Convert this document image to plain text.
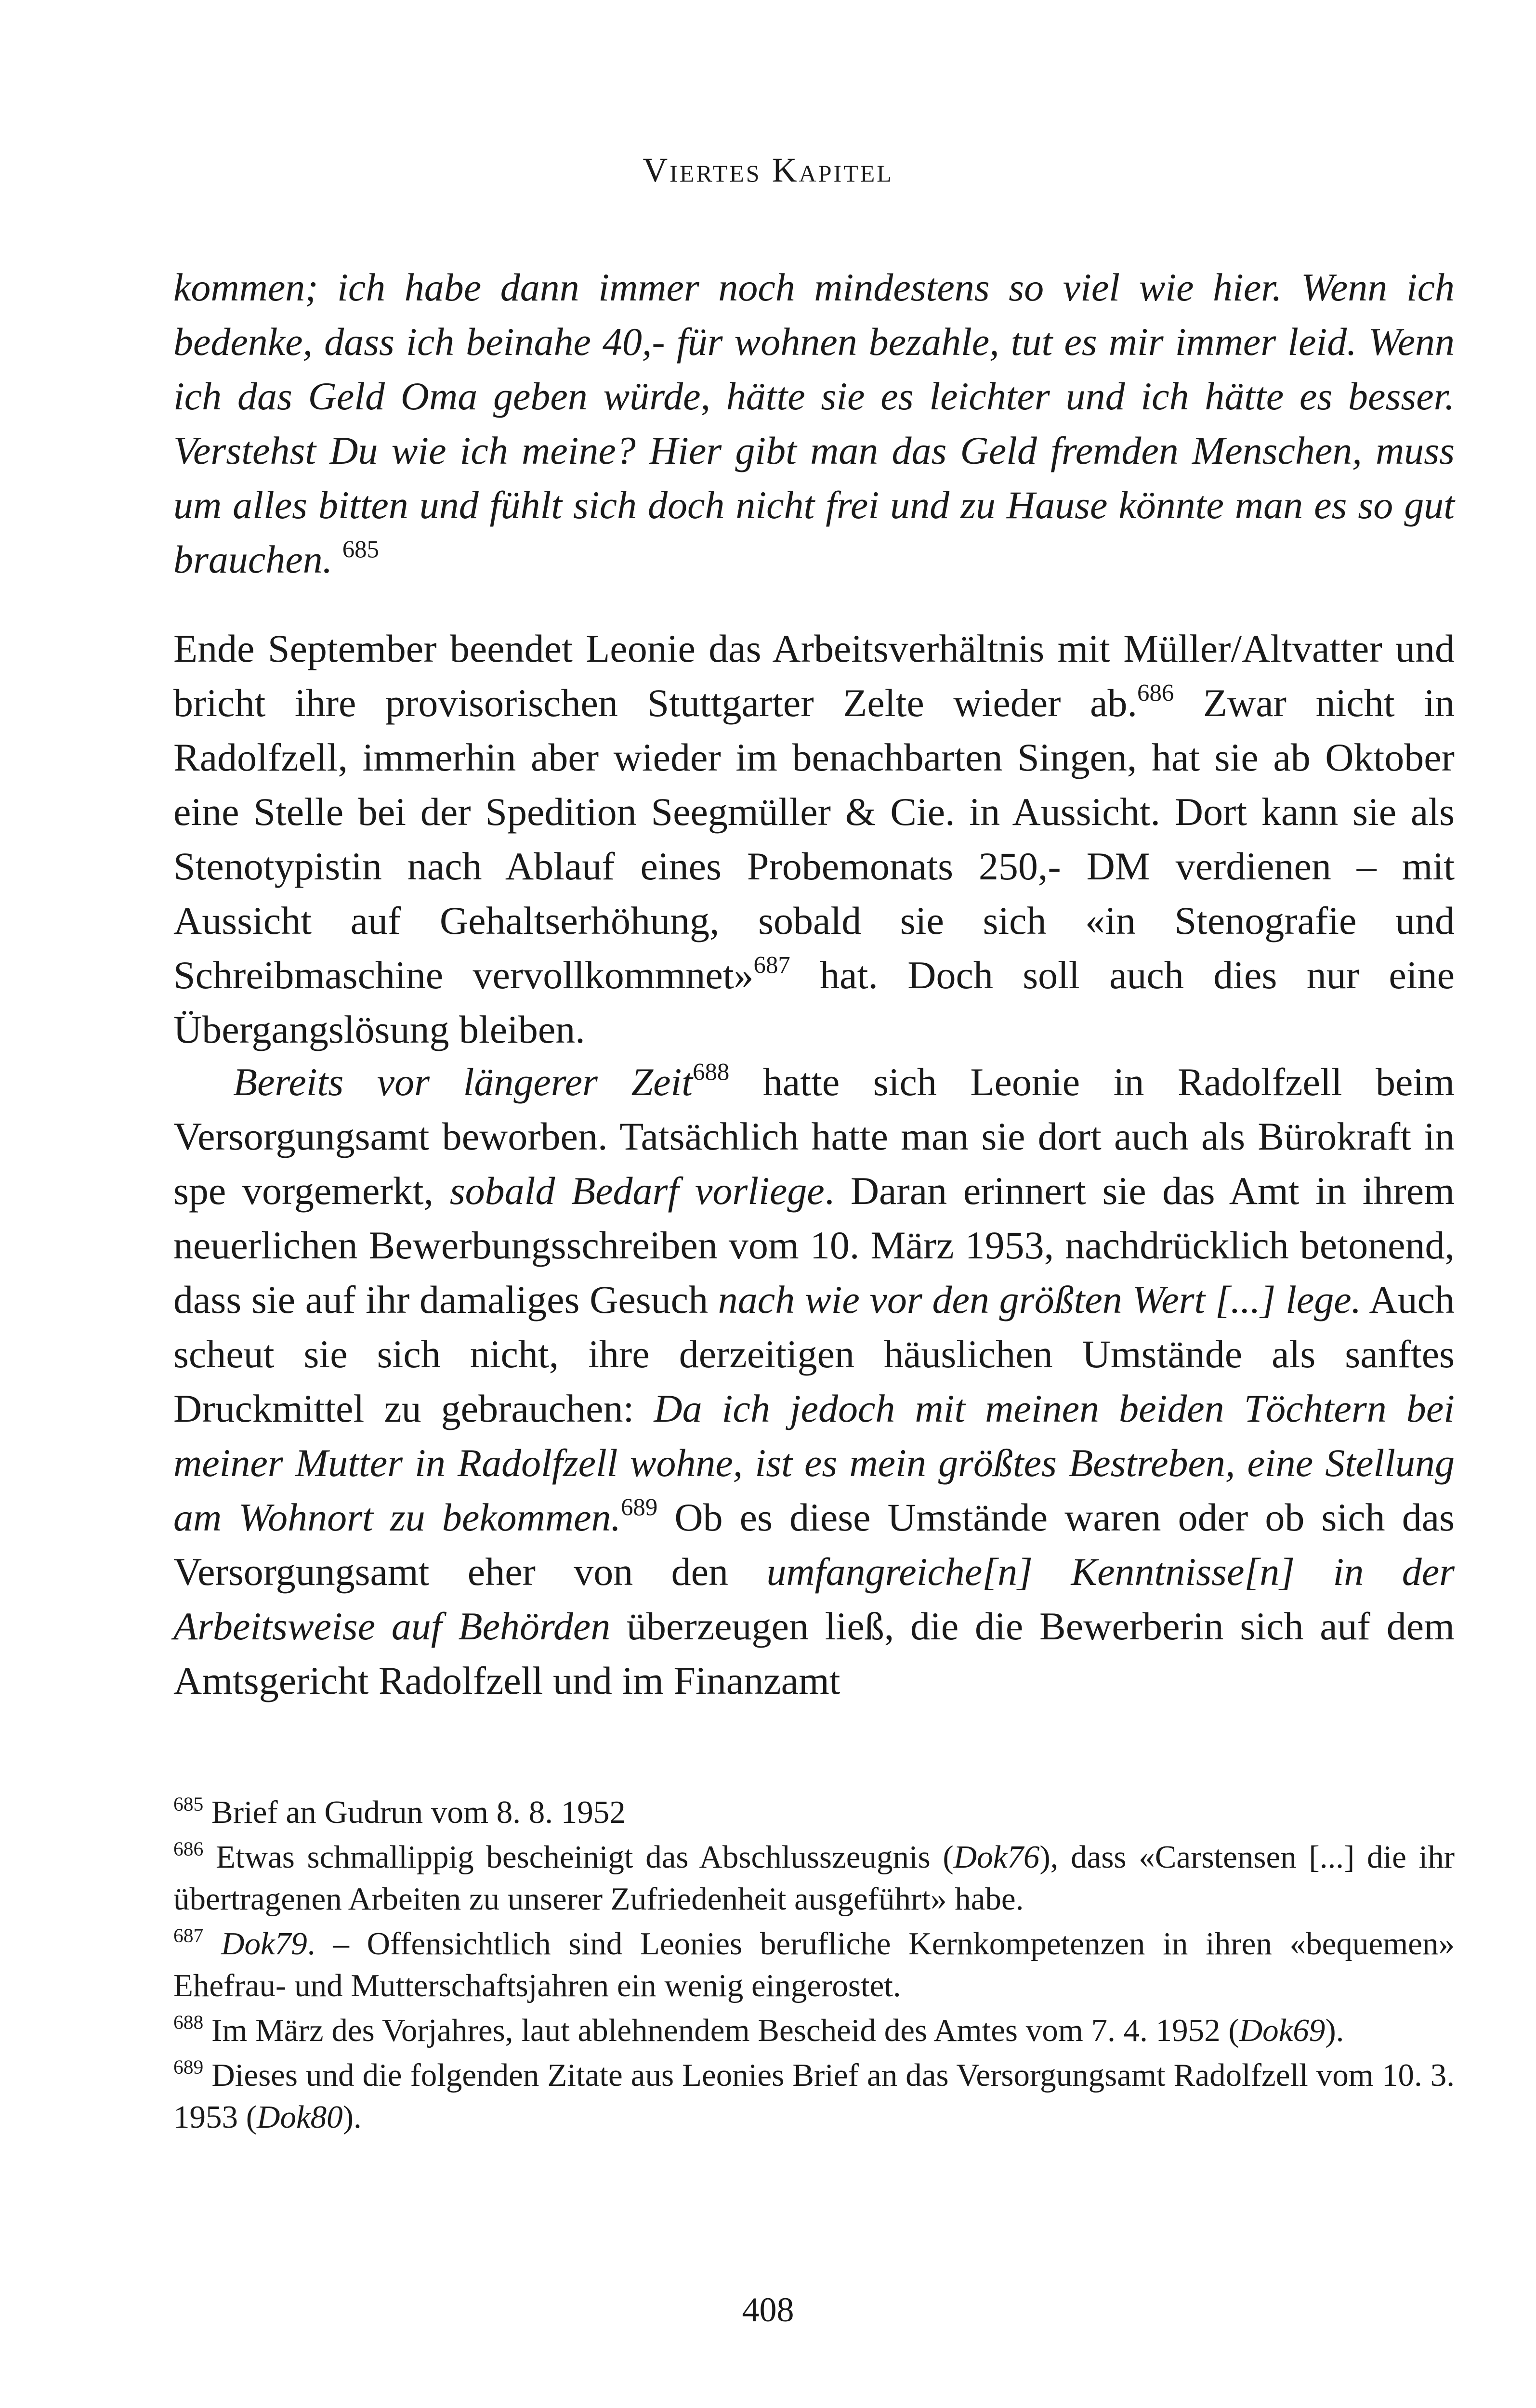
Viertes Kapitel

kommen; ich habe dann immer noch mindestens so viel wie hier. Wenn ich bedenke, dass ich beinahe 40,- für wohnen bezahle, tut es mir immer leid. Wenn ich das Geld Oma geben würde, hätte sie es leichter und ich hätte es besser. Verstehst Du wie ich meine? Hier gibt man das Geld fremden Menschen, muss um alles bitten und fühlt sich doch nicht frei und zu Hause könnte man es so gut brauchen. $^{685}$

Ende September beendet Leonie das Arbeitsverhältnis mit Müller/Altvatter und bricht ihre provisorischen Stuttgarter Zelte wieder ab.$^{686}$ Zwar nicht in Radolfzell, immerhin aber wieder im benachbarten Singen, hat sie ab Oktober eine Stelle bei der Spedition Seegmüller & Cie. in Aussicht. Dort kann sie als Stenotypistin nach Ablauf eines Probemonats 250,- DM verdienen – mit Aussicht auf Gehaltserhöhung, sobald sie sich «in Stenografie und Schreibmaschine vervollkommnet»$^{687}$ hat. Doch soll auch dies nur eine Übergangslösung bleiben.

Bereits vor längerer Zeit$^{688}$ hatte sich Leonie in Radolfzell beim Versorgungsamt beworben. Tatsächlich hatte man sie dort auch als Bürokraft in spe vorgemerkt, sobald Bedarf vorliege. Daran erinnert sie das Amt in ihrem neuerlichen Bewerbungsschreiben vom 10. März 1953, nachdrücklich betonend, dass sie auf ihr damaliges Gesuch nach wie vor den größten Wert [...] lege. Auch scheut sie sich nicht, ihre derzeitigen häuslichen Umstände als sanftes Druckmittel zu gebrauchen: Da ich jedoch mit meinen beiden Töchtern bei meiner Mutter in Radolfzell wohne, ist es mein größtes Bestreben, eine Stellung am Wohnort zu bekommen.$^{689}$ Ob es diese Umstände waren oder ob sich das Versorgungsamt eher von den umfangreiche[n] Kenntnisse[n] in der Arbeitsweise auf Behörden überzeugen ließ, die die Bewerberin sich auf dem Amtsgericht Radolfzell und im Finanzamt

$^{685}$ Brief an Gudrun vom 8. 8. 1952

$^{686}$ Etwas schmallippig bescheinigt das Abschlusszeugnis (Dok76), dass «Carstensen [...] die ihr übertragenen Arbeiten zu unserer Zufriedenheit ausgeführt» habe.

$^{687}$ Dok79. – Offensichtlich sind Leonies berufliche Kernkompetenzen in ihren «bequemen» Ehefrau- und Mutterschaftsjahren ein wenig eingerostet.

$^{688}$ Im März des Vorjahres, laut ablehnendem Bescheid des Amtes vom 7. 4. 1952 (Dok69).

$^{689}$ Dieses und die folgenden Zitate aus Leonies Brief an das Versorgungsamt Radolfzell vom 10. 3. 1953 (Dok80).

408
